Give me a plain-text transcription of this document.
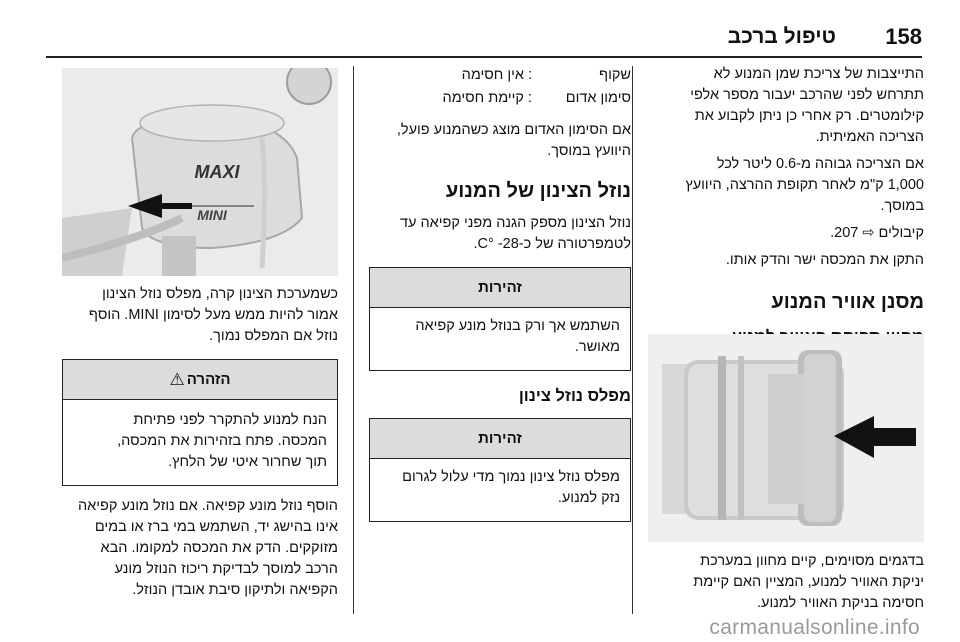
158
טיפול ברכב

התייצבות של צריכת שמן המנוע לא
תתרחש לפני שהרכב יעבור מספר אלפי
קילומטרים. רק אחרי כן ניתן לקבוע את
הצריכה האמיתית.

אם הצריכה גבוהה מ‑0.6 ליטר לכל
1,000 ק"מ לאחר תקופת ההרצה, היוועץ
במוסך.

קיבולים ⇨ 207.

התקן את המכסה ישר והדק אותו.

מסנן אוויר המנוע

בדגמים מסוימים, קיים מחוון במערכת
יניקת האוויר למנוע, המציין האם קיימת
חסימה בניקת האוויר למנוע.

שקוף
:
אין חסימה
סימון אדום
:
קיימת חסימה

אם הסימון האדום מוצג כשהמנוע פועל,
היוועץ במוסך.

נוזל הצינון של המנוע

נוזל הצינון מספק הגנה מפני קפיאה עד
לטמפרטורה של כ‑28‑ °C.

זהירות
השתמש אך ורק בנוזל מונע קפיאה
מאושר.
מפלס נוזל צינון
זהירות
מפלס נוזל צינון נמוך מדי עלול לגרום
נזק למנוע.
MAXI
MINI

כשמערכת הצינון קרה, מפלס נוזל הצינון
אמור להיות ממש מעל לסימון MINI. הוסף
נוזל אם המפלס נמוך.

הזהרה
⚠
הנח למנוע להתקרר לפני פתיחת
המכסה. פתח בזהירות את המכסה,
תוך שחרור איטי של הלחץ.

הוסף נוזל מונע קפיאה. אם נוזל מונע קפיאה
אינו בהישג יד, השתמש במי ברז או במים
מזוקקים. הדק את המכסה למקומו. הבא
הרכב למוסך לבדיקת ריכוז הנוזל מונע
הקפיאה ולתיקון סיבת אובדן הנוזל.

carmanualsonline.info
